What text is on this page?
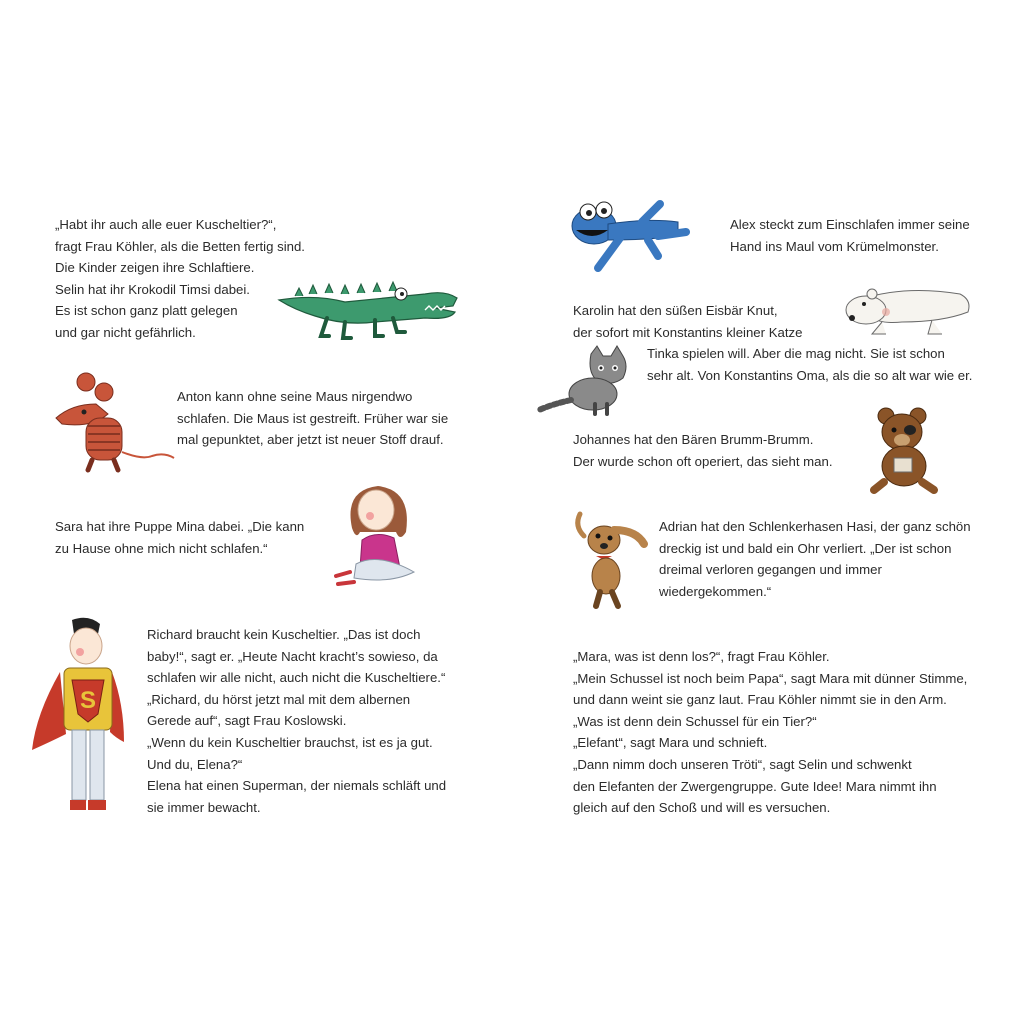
„Habt ihr auch alle euer Kuscheltier?“,
fragt Frau Köhler, als die Betten fertig sind.
Die Kinder zeigen ihre Schlaftiere.
Selin hat ihr Krokodil Timsi dabei.
Es ist schon ganz platt gelegen
und gar nicht gefährlich.
Anton kann ohne seine Maus nirgendwo
schlafen. Die Maus ist gestreift. Früher war sie
mal gepunktet, aber jetzt ist neuer Stoff drauf.
Sara hat ihre Puppe Mina dabei. „Die kann
zu Hause ohne mich nicht schlafen.“
Richard braucht kein Kuscheltier. „Das ist doch
baby!“, sagt er. „Heute Nacht kracht’s sowieso, da
schlafen wir alle nicht, auch nicht die Kuscheltiere.“
„Richard, du hörst jetzt mal mit dem albernen
Gerede auf“, sagt Frau Koslowski.
„Wenn du kein Kuscheltier brauchst, ist es ja gut.
Und du, Elena?“
Elena hat einen Superman, der niemals schläft und
sie immer bewacht.
Alex steckt zum Einschlafen immer seine
Hand ins Maul vom Krümelmonster.
Karolin hat den süßen Eisbär Knut,
der sofort mit Konstantins kleiner Katze
Tinka spielen will. Aber die mag nicht. Sie ist schon
sehr alt. Von Konstantins Oma, als die so alt war wie er.
Johannes hat den Bären Brumm-Brumm.
Der wurde schon oft operiert, das sieht man.
Adrian hat den Schlenkerhasen Hasi, der ganz schön
dreckig ist und bald ein Ohr verliert. „Der ist schon
dreimal verloren gegangen und immer
wiedergekommen.“
„Mara, was ist denn los?“, fragt Frau Köhler.
„Mein Schussel ist noch beim Papa“, sagt Mara mit dünner Stimme,
und dann weint sie ganz laut. Frau Köhler nimmt sie in den Arm.
„Was ist denn dein Schussel für ein Tier?“
„Elefant“, sagt Mara und schnieft.
„Dann nimm doch unseren Tröti“, sagt Selin und schwenkt
den Elefanten der Zwergengruppe. Gute Idee! Mara nimmt ihn
gleich auf den Schoß und will es versuchen.
S
